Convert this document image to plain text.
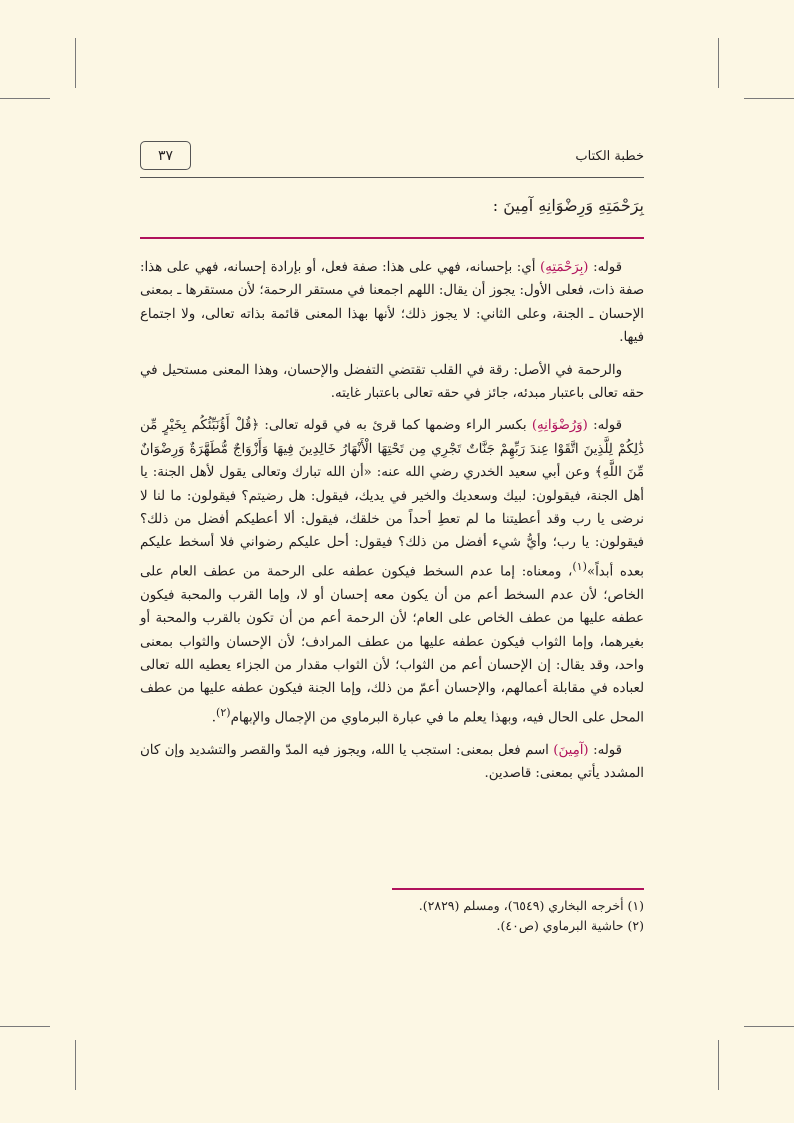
٣٧	خطبة الكتاب
بِرَحْمَتِهِ وَرِضْوَانِهِ آمِينَ :

قوله: (بِرَحْمَتِهِ) أي: بإحسانه، فهي على هذا: صفة فعل، أو بإرادة إحسانه، فهي على هذا: صفة ذات، فعلى الأول: يجوز أن يقال: اللهم اجمعنا في مستقر الرحمة؛ لأن مستقرها ـ بمعنى الإحسان ـ الجنة، وعلى الثاني: لا يجوز ذلك؛ لأنها بهذا المعنى قائمة بذاته تعالى، ولا اجتماع فيها.

والرحمة في الأصل: رقة في القلب تقتضي التفضل والإحسان، وهذا المعنى مستحيل في حقه تعالى باعتبار مبدئه، جائز في حقه تعالى باعتبار غايته.

قوله: (وَرُضْوَانِهِ) بكسر الراء وضمها كما قرئ به في قوله تعالى: ﴿قُلْ أَؤُنَبِّئُكُم بِخَيْرٍ مِّن ذَٰلِكُمْ لِلَّذِينَ اتَّقَوْا عِندَ رَبِّهِمْ جَنَّاتٌ تَجْرِي مِن تَحْتِهَا الْأَنْهَارُ خَالِدِينَ فِيهَا وَأَزْوَاجٌ مُّطَهَّرَةٌ وَرِضْوَانٌ مِّنَ اللَّهِ﴾ وعن أبي سعيد الخدري رضي الله عنه: «أن الله تبارك وتعالى يقول لأهل الجنة: يا أهل الجنة، فيقولون: لبيك وسعديك والخير في يديك، فيقول: هل رضيتم؟ فيقولون: ما لنا لا نرضى يا رب وقد أعطيتنا ما لم تعطِ أحداً من خلقك، فيقول: ألا أعطيكم أفضل من ذلك؟ فيقولون: يا رب؛ وأيُّ شيء أفضل من ذلك؟ فيقول: أحل عليكم رضواني فلا أسخط عليكم بعده أبداً»$^{(١)}$، ومعناه: إما عدم السخط فيكون عطفه على الرحمة من عطف العام على الخاص؛ لأن عدم السخط أعم من أن يكون معه إحسان أو لا، وإما القرب والمحبة فيكون عطفه عليها من عطف الخاص على العام؛ لأن الرحمة أعم من أن تكون بالقرب والمحبة أو بغيرهما، وإما الثواب فيكون عطفه عليها من عطف المرادف؛ لأن الإحسان والثواب بمعنى واحد، وقد يقال: إن الإحسان أعم من الثواب؛ لأن الثواب مقدار من الجزاء يعطيه الله تعالى لعباده في مقابلة أعمالهم، والإحسان أعمّ من ذلك، وإما الجنة فيكون عطفه عليها من عطف المحل على الحال فيه، وبهذا يعلم ما في عبارة البرماوي من الإجمال والإبهام$^{(٢)}$.

قوله: (آمِينَ) اسم فعل بمعنى: استجب يا الله، ويجوز فيه المدّ والقصر والتشديد وإن كان المشدد يأتي بمعنى: قاصدين.

(١) أخرجه البخاري (٦٥٤٩)، ومسلم (٢٨٢٩).
(٢) حاشية البرماوي (ص٤٠).
